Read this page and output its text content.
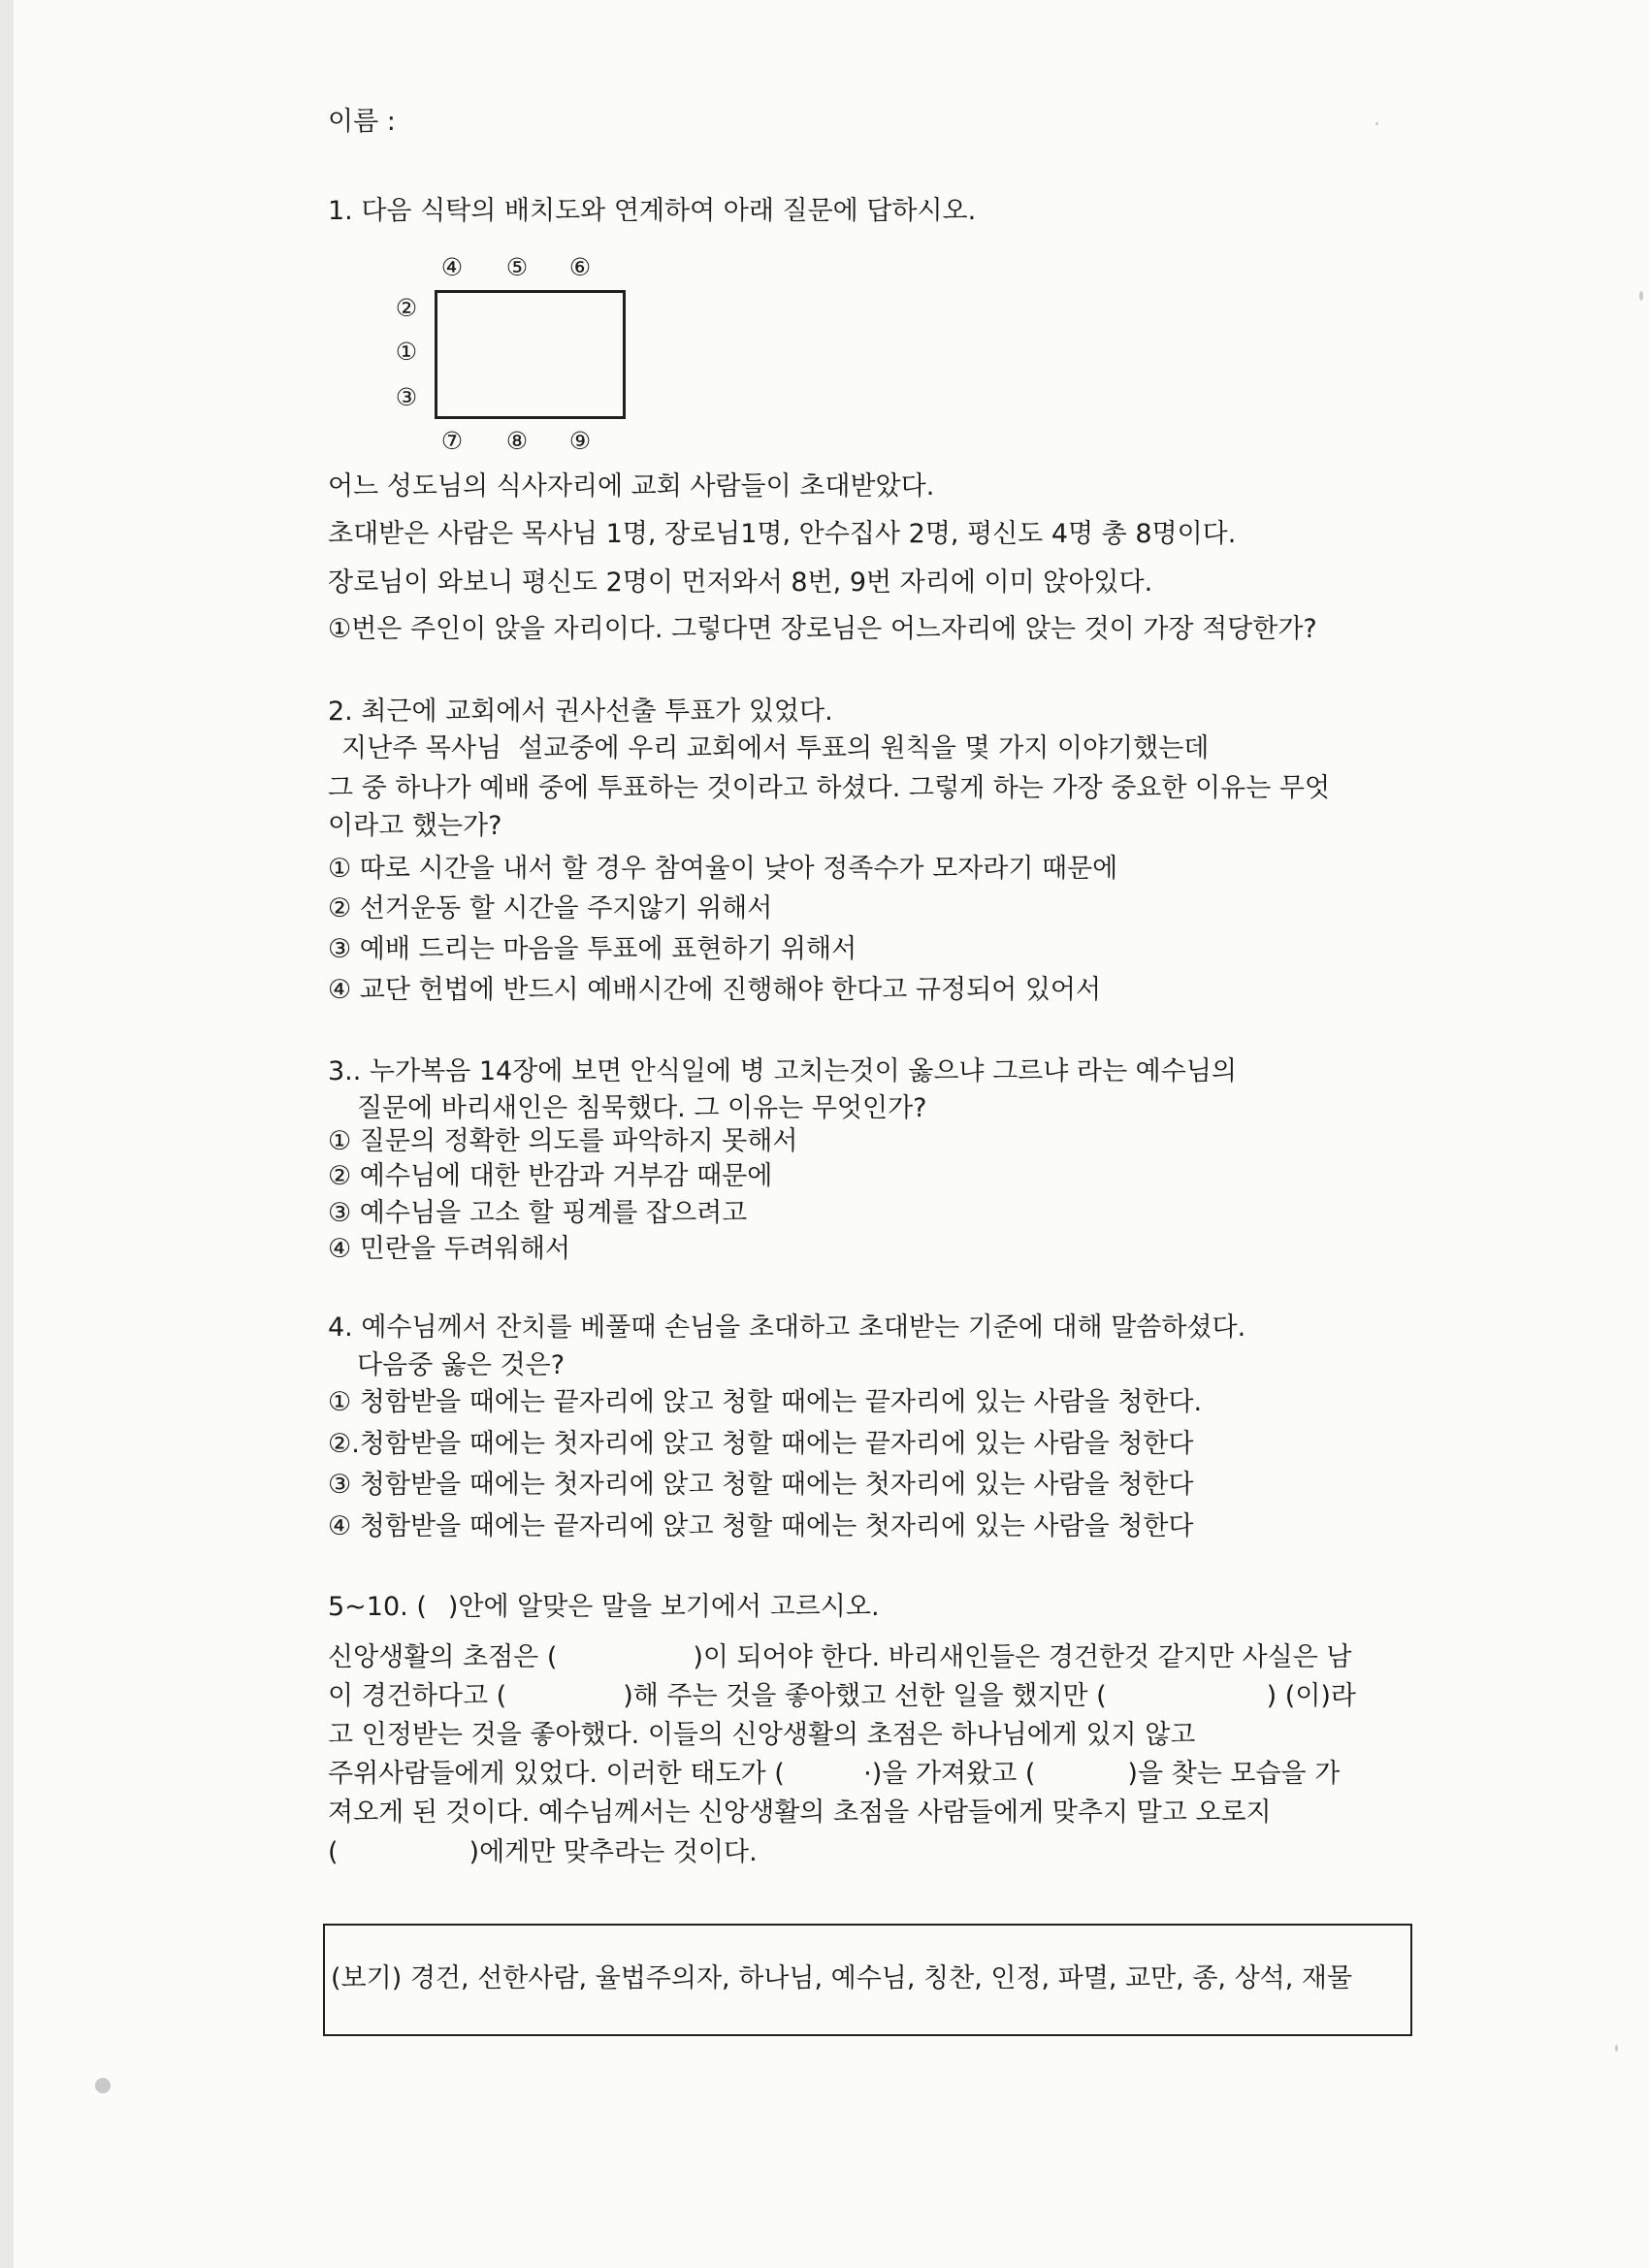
이름 :
1. 다음 식탁의 배치도와 연계하여 아래 질문에 답하시오.
④ ⑤ ⑥
②
①
③
⑦ ⑧ ⑨
어느 성도님의 식사자리에 교회 사람들이 초대받았다.
초대받은 사람은 목사님 1명, 장로님1명, 안수집사 2명, 평신도 4명 총 8명이다.
장로님이 와보니 평신도 2명이 먼저와서 8번, 9번 자리에 이미 앉아있다.
①번은 주인이 앉을 자리이다. 그렇다면 장로님은 어느자리에 앉는 것이 가장 적당한가?
2. 최근에 교회에서 권사선출 투표가 있었다.
지난주 목사님  설교중에 우리 교회에서 투표의 원칙을 몇 가지 이야기했는데
그 중 하나가 예배 중에 투표하는 것이라고 하셨다. 그렇게 하는 가장 중요한 이유는 무엇
이라고 했는가?
① 따로 시간을 내서 할 경우 참여율이 낮아 정족수가 모자라기 때문에
② 선거운동 할 시간을 주지않기 위해서
③ 예배 드리는 마음을 투표에 표현하기 위해서
④ 교단 헌법에 반드시 예배시간에 진행해야 한다고 규정되어 있어서
3.. 누가복음 14장에 보면 안식일에 병 고치는것이 옳으냐 그르냐 라는 예수님의
질문에 바리새인은 침묵했다. 그 이유는 무엇인가?
① 질문의 정확한 의도를 파악하지 못해서
② 예수님에 대한 반감과 거부감 때문에
③ 예수님을 고소 할 핑계를 잡으려고
④ 민란을 두려워해서
4. 예수님께서 잔치를 베풀때 손님을 초대하고 초대받는 기준에 대해 말씀하셨다.
다음중 옳은 것은?
① 청함받을 때에는 끝자리에 앉고 청할 때에는 끝자리에 있는 사람을 청한다.
②.청함받을 때에는 첫자리에 앉고 청할 때에는 끝자리에 있는 사람을 청한다
③ 청함받을 때에는 첫자리에 앉고 청할 때에는 첫자리에 있는 사람을 청한다
④ 청함받을 때에는 끝자리에 앉고 청할 때에는 첫자리에 있는 사람을 청한다
5~10. ( )안에 알맞은 말을 보기에서 고르시오.
신앙생활의 초점은 (	)이 되어야 한다. 바리새인들은 경건한것 같지만 사실은 남
이 경건하다고 (	)해 주는 것을 좋아했고 선한 일을 했지만 (	) (이)라
고 인정받는 것을 좋아했다. 이들의 신앙생활의 초점은 하나님에게 있지 않고
주위사람들에게 있었다. 이러한 태도가 (	·)을 가져왔고 (	)을 찾는 모습을 가
져오게 된 것이다. 예수님께서는 신앙생활의 초점을 사람들에게 맞추지 말고 오로지
(	)에게만 맞추라는 것이다.
(보기) 경건, 선한사람, 율법주의자, 하나님, 예수님, 칭찬, 인정, 파멸, 교만, 종, 상석, 재물
